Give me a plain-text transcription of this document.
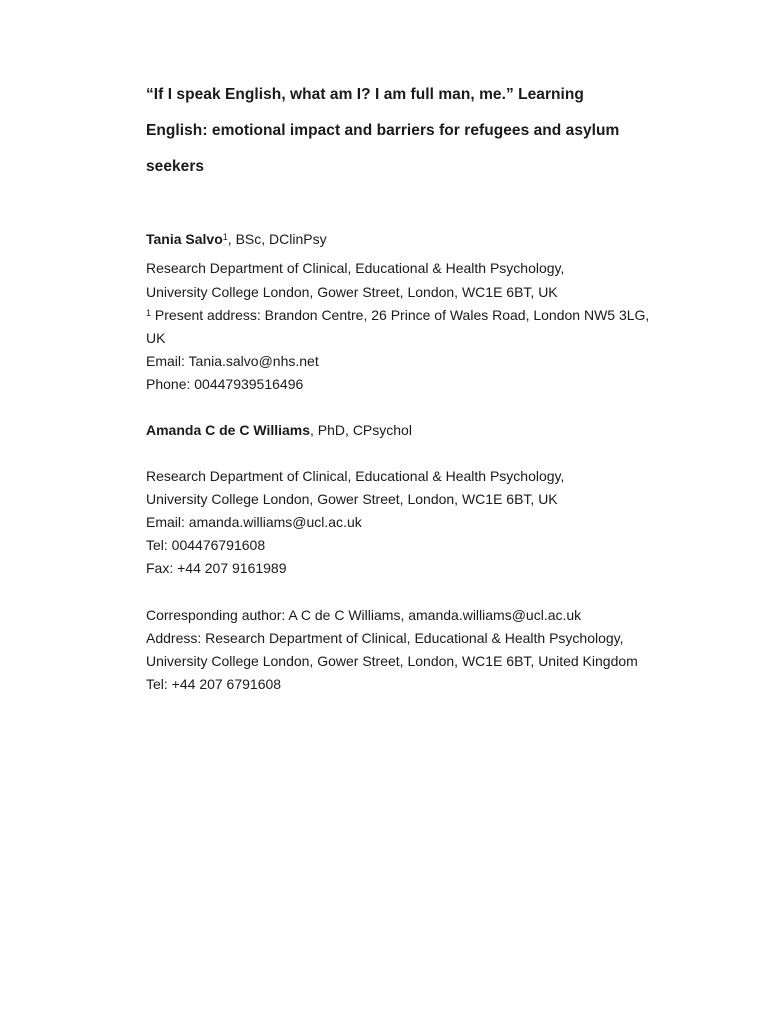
“If I speak English, what am I? I am full man, me.” Learning
English: emotional impact and barriers for refugees and asylum
seekers
Tania Salvo$^1$, BSc, DClinPsy
Research Department of Clinical, Educational & Health Psychology,
University College London, Gower Street, London, WC1E 6BT, UK
$^1$ Present address: Brandon Centre, 26 Prince of Wales Road, London NW5 3LG,
UK
Email: Tania.salvo@nhs.net
Phone: 00447939516496
Amanda C de C Williams, PhD, CPsychol
Research Department of Clinical, Educational & Health Psychology,
University College London, Gower Street, London, WC1E 6BT, UK
Email: amanda.williams@ucl.ac.uk
Tel: 004476791608
Fax: +44 207 9161989
Corresponding author: A C de C Williams, amanda.williams@ucl.ac.uk
Address: Research Department of Clinical, Educational & Health Psychology,
University College London, Gower Street, London, WC1E 6BT, United Kingdom
Tel: +44 207 6791608
